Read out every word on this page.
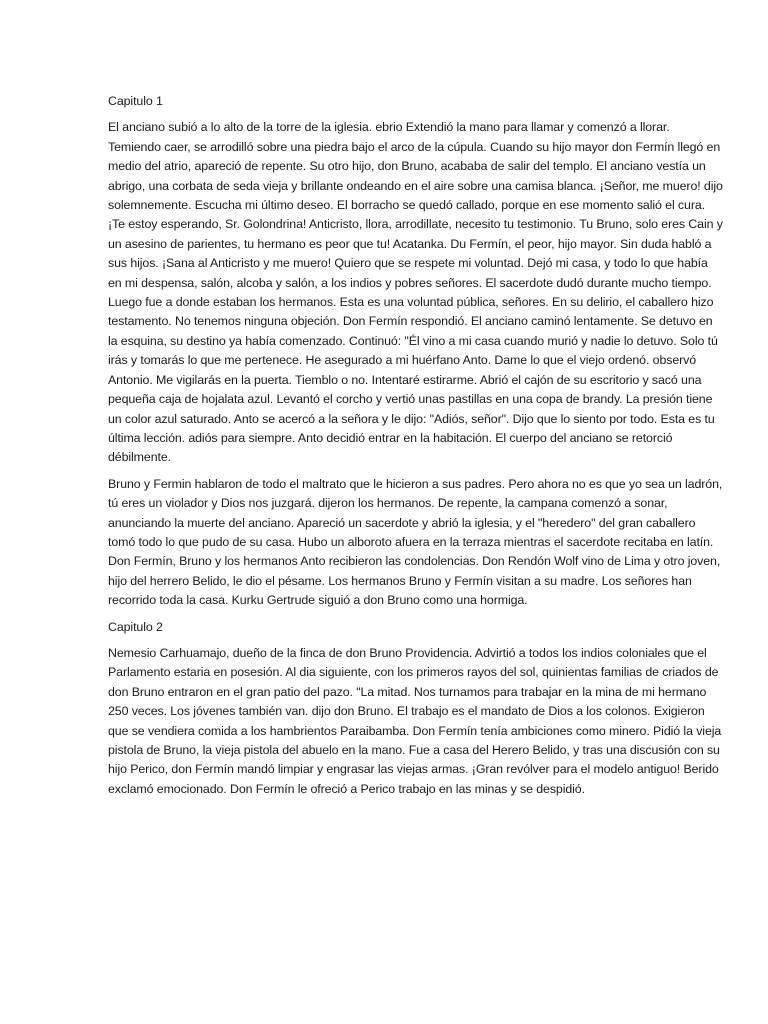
Capitulo 1

El anciano subió a lo alto de la torre de la iglesia. ebrio Extendió la mano para llamar y comenzó a llorar. Temiendo caer, se arrodilló sobre una piedra bajo el arco de la cúpula. Cuando su hijo mayor don Fermín llegó en medio del atrio, apareció de repente. Su otro hijo, don Bruno, acababa de salir del templo. El anciano vestía un abrigo, una corbata de seda vieja y brillante ondeando en el aire sobre una camisa blanca. ¡Señor, me muero! dijo solemnemente. Escucha mi último deseo. El borracho se quedó callado, porque en ese momento salió el cura. ¡Te estoy esperando, Sr. Golondrina! Anticristo, llora, arrodillate, necesito tu testimonio. Tu Bruno, solo eres Cain y un asesino de parientes, tu hermano es peor que tu! Acatanka. Du Fermín, el peor, hijo mayor. Sin duda habló a sus hijos. ¡Sana al Anticristo y me muero! Quiero que se respete mi voluntad. Dejó mi casa, y todo lo que había en mi despensa, salón, alcoba y salón, a los indios y pobres señores. El sacerdote dudó durante mucho tiempo. Luego fue a donde estaban los hermanos. Esta es una voluntad pública, señores. En su delirio, el caballero hizo testamento. No tenemos ninguna objeción. Don Fermín respondió. El anciano caminó lentamente. Se detuvo en la esquina, su destino ya había comenzado. Continuó: "Él vino a mi casa cuando murió y nadie lo detuvo. Solo tú irás y tomarás lo que me pertenece. He asegurado a mi huérfano Anto. Dame lo que el viejo ordenó. observó Antonio. Me vigilarás en la puerta. Tiemblo o no. Intentaré estirarme. Abrió el cajón de su escritorio y sacó una pequeña caja de hojalata azul. Levantó el corcho y vertió unas pastillas en una copa de brandy. La presión tiene un color azul saturado. Anto se acercó a la señora y le dijo: "Adiós, señor". Dijo que lo siento por todo. Esta es tu última lección. adiós para siempre. Anto decidió entrar en la habitación. El cuerpo del anciano se retorció débilmente.

Bruno y Fermin hablaron de todo el maltrato que le hicieron a sus padres. Pero ahora no es que yo sea un ladrón, tú eres un violador y Dios nos juzgará. dijeron los hermanos. De repente, la campana comenzó a sonar, anunciando la muerte del anciano. Apareció un sacerdote y abrió la iglesia, y el "heredero" del gran caballero tomó todo lo que pudo de su casa. Hubo un alboroto afuera en la terraza mientras el sacerdote recitaba en latín. Don Fermín, Bruno y los hermanos Anto recibieron las condolencias. Don Rendón Wolf vino de Lima y otro joven, hijo del herrero Belido, le dio el pésame. Los hermanos Bruno y Fermín visitan a su madre. Los señores han recorrido toda la casa. Kurku Gertrude siguió a don Bruno como una hormiga.

Capitulo 2

Nemesio Carhuamajo, dueño de la finca de don Bruno Providencia. Advirtió a todos los indios coloniales que el Parlamento estaria en posesión. Al dia siguiente, con los primeros rayos del sol, quinientas familias de criados de don Bruno entraron en el gran patio del pazo. "La mitad. Nos turnamos para trabajar en la mina de mi hermano 250 veces. Los jóvenes también van. dijo don Bruno. El trabajo es el mandato de Dios a los colonos. Exigieron que se vendiera comida a los hambrientos Paraibamba. Don Fermín tenía ambiciones como minero. Pidió la vieja pistola de Bruno, la vieja pistola del abuelo en la mano. Fue a casa del Herero Belido, y tras una discusión con su hijo Perico, don Fermín mandó limpiar y engrasar las viejas armas. ¡Gran revólver para el modelo antiguo! Berido exclamó emocionado. Don Fermín le ofreció a Perico trabajo en las minas y se despidió.
